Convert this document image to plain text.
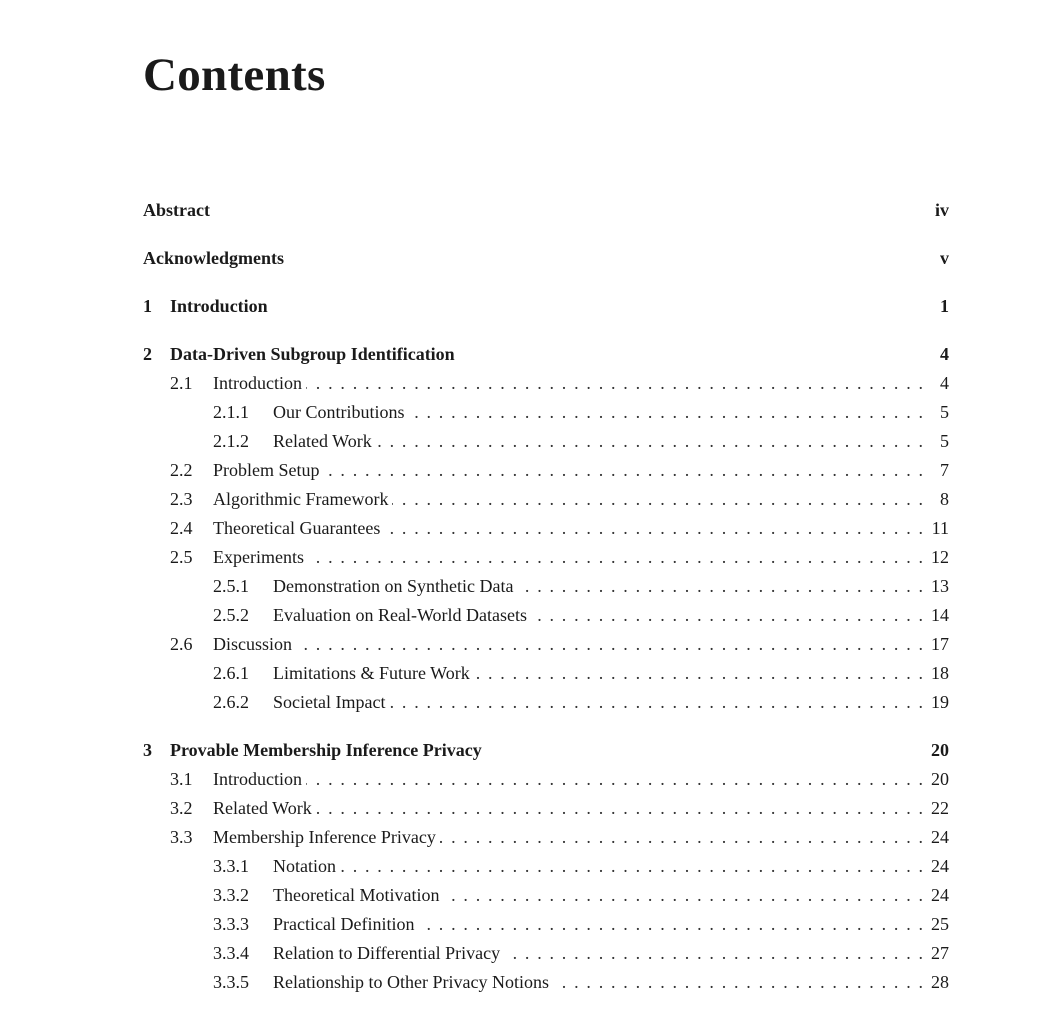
Contents
Abstract	iv
Acknowledgments	v
1	Introduction	1
2	Data-Driven Subgroup Identification	4
2.1	Introduction . . .	4
2.1.1	Our Contributions . . .	5
2.1.2	Related Work . . .	5
2.2	Problem Setup . . .	7
2.3	Algorithmic Framework . . .	8
2.4	Theoretical Guarantees . . .	11
2.5	Experiments . . .	12
2.5.1	Demonstration on Synthetic Data . . .	13
2.5.2	Evaluation on Real-World Datasets . . .	14
2.6	Discussion . . .	17
2.6.1	Limitations & Future Work . . .	18
2.6.2	Societal Impact . . .	19
3	Provable Membership Inference Privacy	20
3.1	Introduction . . .	20
3.2	Related Work . . .	22
3.3	Membership Inference Privacy . . .	24
3.3.1	Notation . . .	24
3.3.2	Theoretical Motivation . . .	24
3.3.3	Practical Definition . . .	25
3.3.4	Relation to Differential Privacy . . .	27
3.3.5	Relationship to Other Privacy Notions . . .	28
